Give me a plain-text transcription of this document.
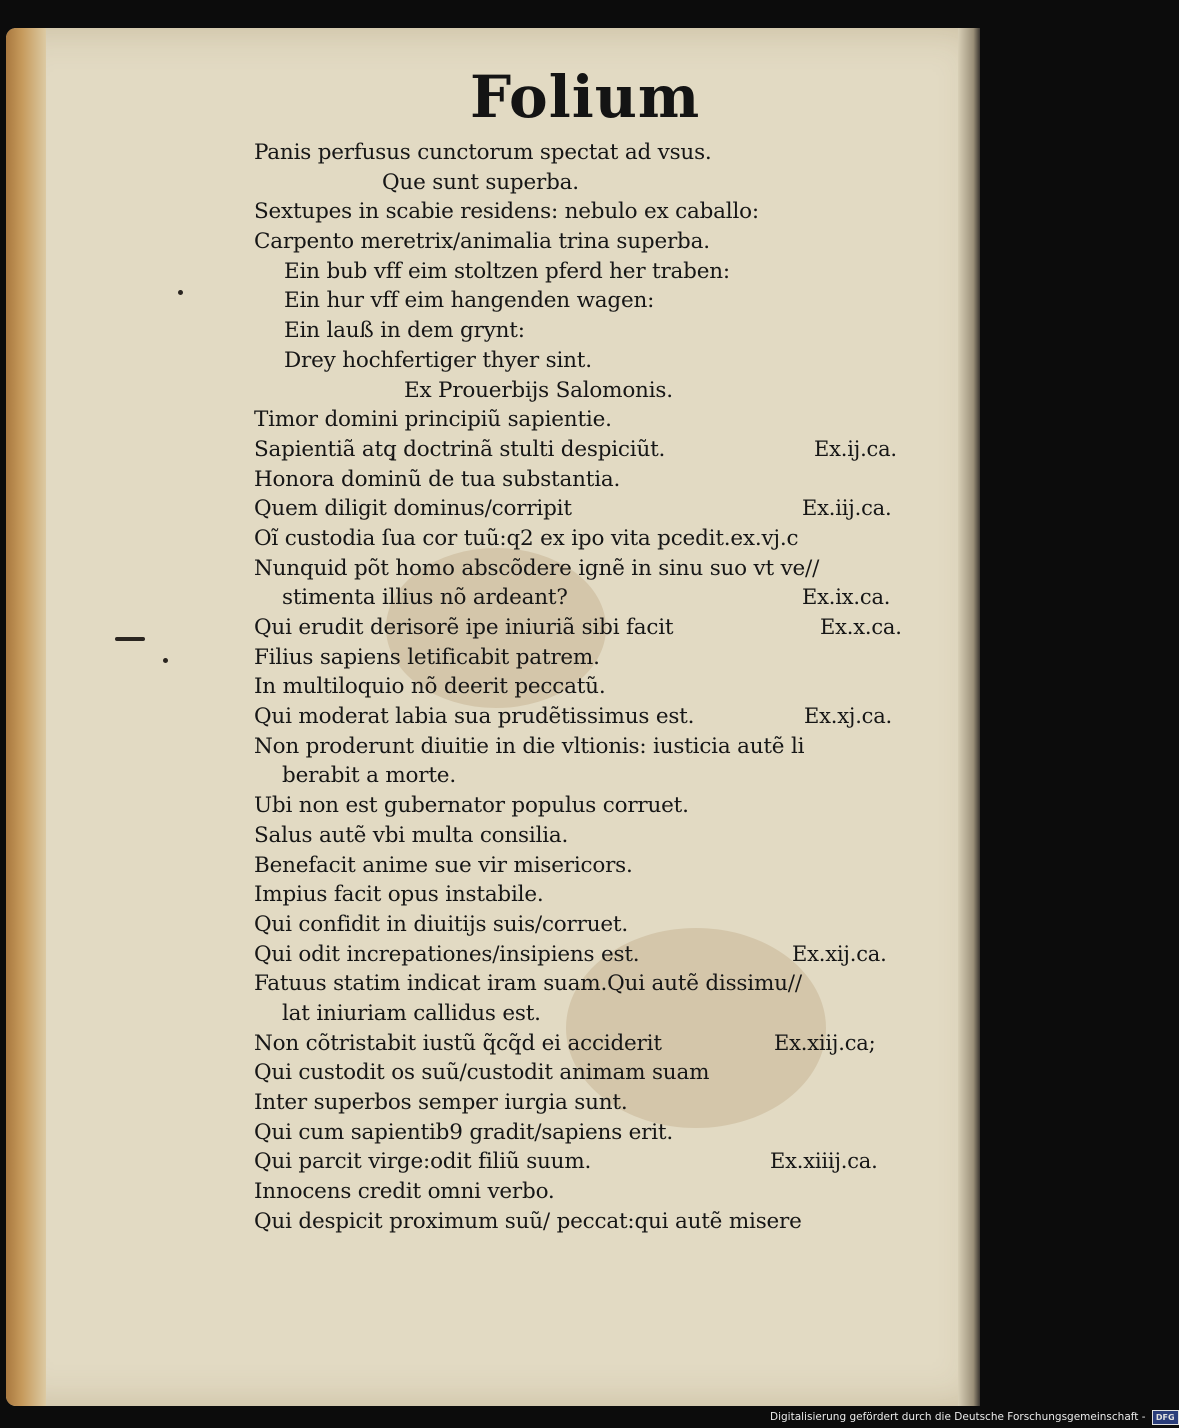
Folium
Panis perfusus cunctorum spectat ad vsus.
Que sunt superba.
Sextupes in scabie residens: nebulo ex caballo:
Carpento meretrix/animalia trina superba.
Ein bub vff eim stoltzen pferd her traben:
Ein hur vff eim hangenden wagen:
Ein lauß in dem grynt:
Drey hochfertiger thyer sint.
Ex Prouerbijs Salomonis.
Timor domini principiũ sapientie.
Sapientiã atq̧ doctrinã stulti despiciũt.	Ex.ij.ca.
Honora dominũ de tua substantia.
Quem diligit dominus/corripit	Ex.iij.ca.
Oĩ custodia ſua cor tuũ:q2 ex ipo vita pcedit.ex.vj.c
Nunquid põt homo abscõdere ignẽ in sinu suo vt ve//
stimenta illius nõ ardeant?	Ex.ix.ca.
Qui erudit derisorẽ ipe iniuriã sibi facit	Ex.x.ca.
Filius sapiens letificabit patrem.
In multiloquio nõ deerit peccatũ.
Qui moderat labia sua prudẽtissimus est.	Ex.xj.ca.
Non proderunt diuitie in die vltionis: iusticia autẽ li
berabit a morte.
Ubi non est gubernator populus corruet.
Salus autẽ vbi multa consilia.
Benefacit anime sue vir misericors.
Impius facit opus instabile.
Qui confidit in diuitijs suis/corruet.
Qui odit increpationes/insipiens est.	Ex.xij.ca.
Fatuus statim indicat iram suam.Qui autẽ dissimu//
lat iniuriam callidus est.
Non cõtristabit iustũ q̃cq̃d ei acciderit	Ex.xiij.ca;
Qui custodit os suũ/custodit animam suam
Inter superbos semper iurgia sunt.
Qui cum sapientib9 gradit/sapiens erit.
Qui parcit virge:odit filiũ suum.	Ex.xiiij.ca.
Innocens credit omni verbo.
Qui despicit proximum suũ/ peccat:qui autẽ misere
Digitalisierung gefördert durch die Deutsche Forschungsgemeinschaft - DFG
